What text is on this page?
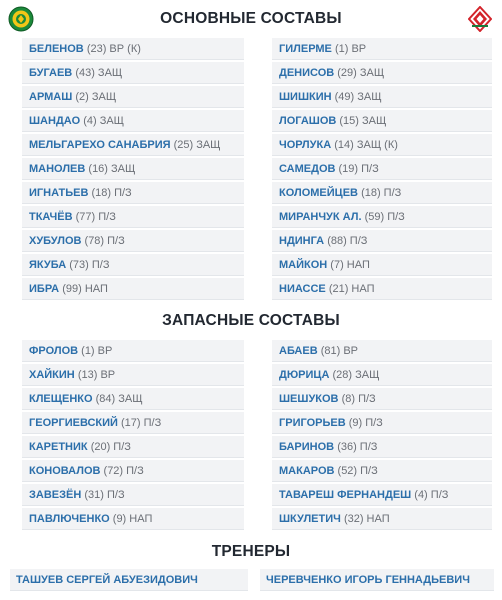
ОСНОВНЫЕ СОСТАВЫ
БЕЛЕНОВ (23) ВР (К)	ГИЛЕРМЕ (1) ВР
БУГАЕВ (43) ЗАЩ	ДЕНИСОВ (29) ЗАЩ
АРМАШ (2) ЗАЩ	ШИШКИН (49) ЗАЩ
ШАНДАО (4) ЗАЩ	ЛОГАШОВ (15) ЗАЩ
МЕЛЬГАРЕХО САНАБРИЯ (25) ЗАЩ	ЧОРЛУКА (14) ЗАЩ (К)
МАНОЛЕВ (16) ЗАЩ	САМЕДОВ (19) П/З
ИГНАТЬЕВ (18) П/З	КОЛОМЕЙЦЕВ (18) П/З
ТКАЧЁВ (77) П/З	МИРАНЧУК АЛ. (59) П/З
ХУБУЛОВ (78) П/З	НДИНГА (88) П/З
ЯКУБА (73) П/З	МАЙКОН (7) НАП
ИБРА (99) НАП	НИАССЕ (21) НАП
ЗАПАСНЫЕ СОСТАВЫ
ФРОЛОВ (1) ВР	АБАЕВ (81) ВР
ХАЙКИН (13) ВР	ДЮРИЦА (28) ЗАЩ
КЛЕЩЕНКО (84) ЗАЩ	ШЕШУКОВ (8) П/З
ГЕОРГИЕВСКИЙ (17) П/З	ГРИГОРЬЕВ (9) П/З
КАРЕТНИК (20) П/З	БАРИНОВ (36) П/З
КОНОВАЛОВ (72) П/З	МАКАРОВ (52) П/З
ЗАВЕЗЁН (31) П/З	ТАВАРЕШ ФЕРНАНДЕШ (4) П/З
ПАВЛЮЧЕНКО (9) НАП	ШКУЛЕТИЧ (32) НАП
ТРЕНЕРЫ
ТАШУЕВ СЕРГЕЙ АБУЕЗИДОВИЧ	ЧЕРЕВЧЕНКО ИГОРЬ ГЕННАДЬЕВИЧ
